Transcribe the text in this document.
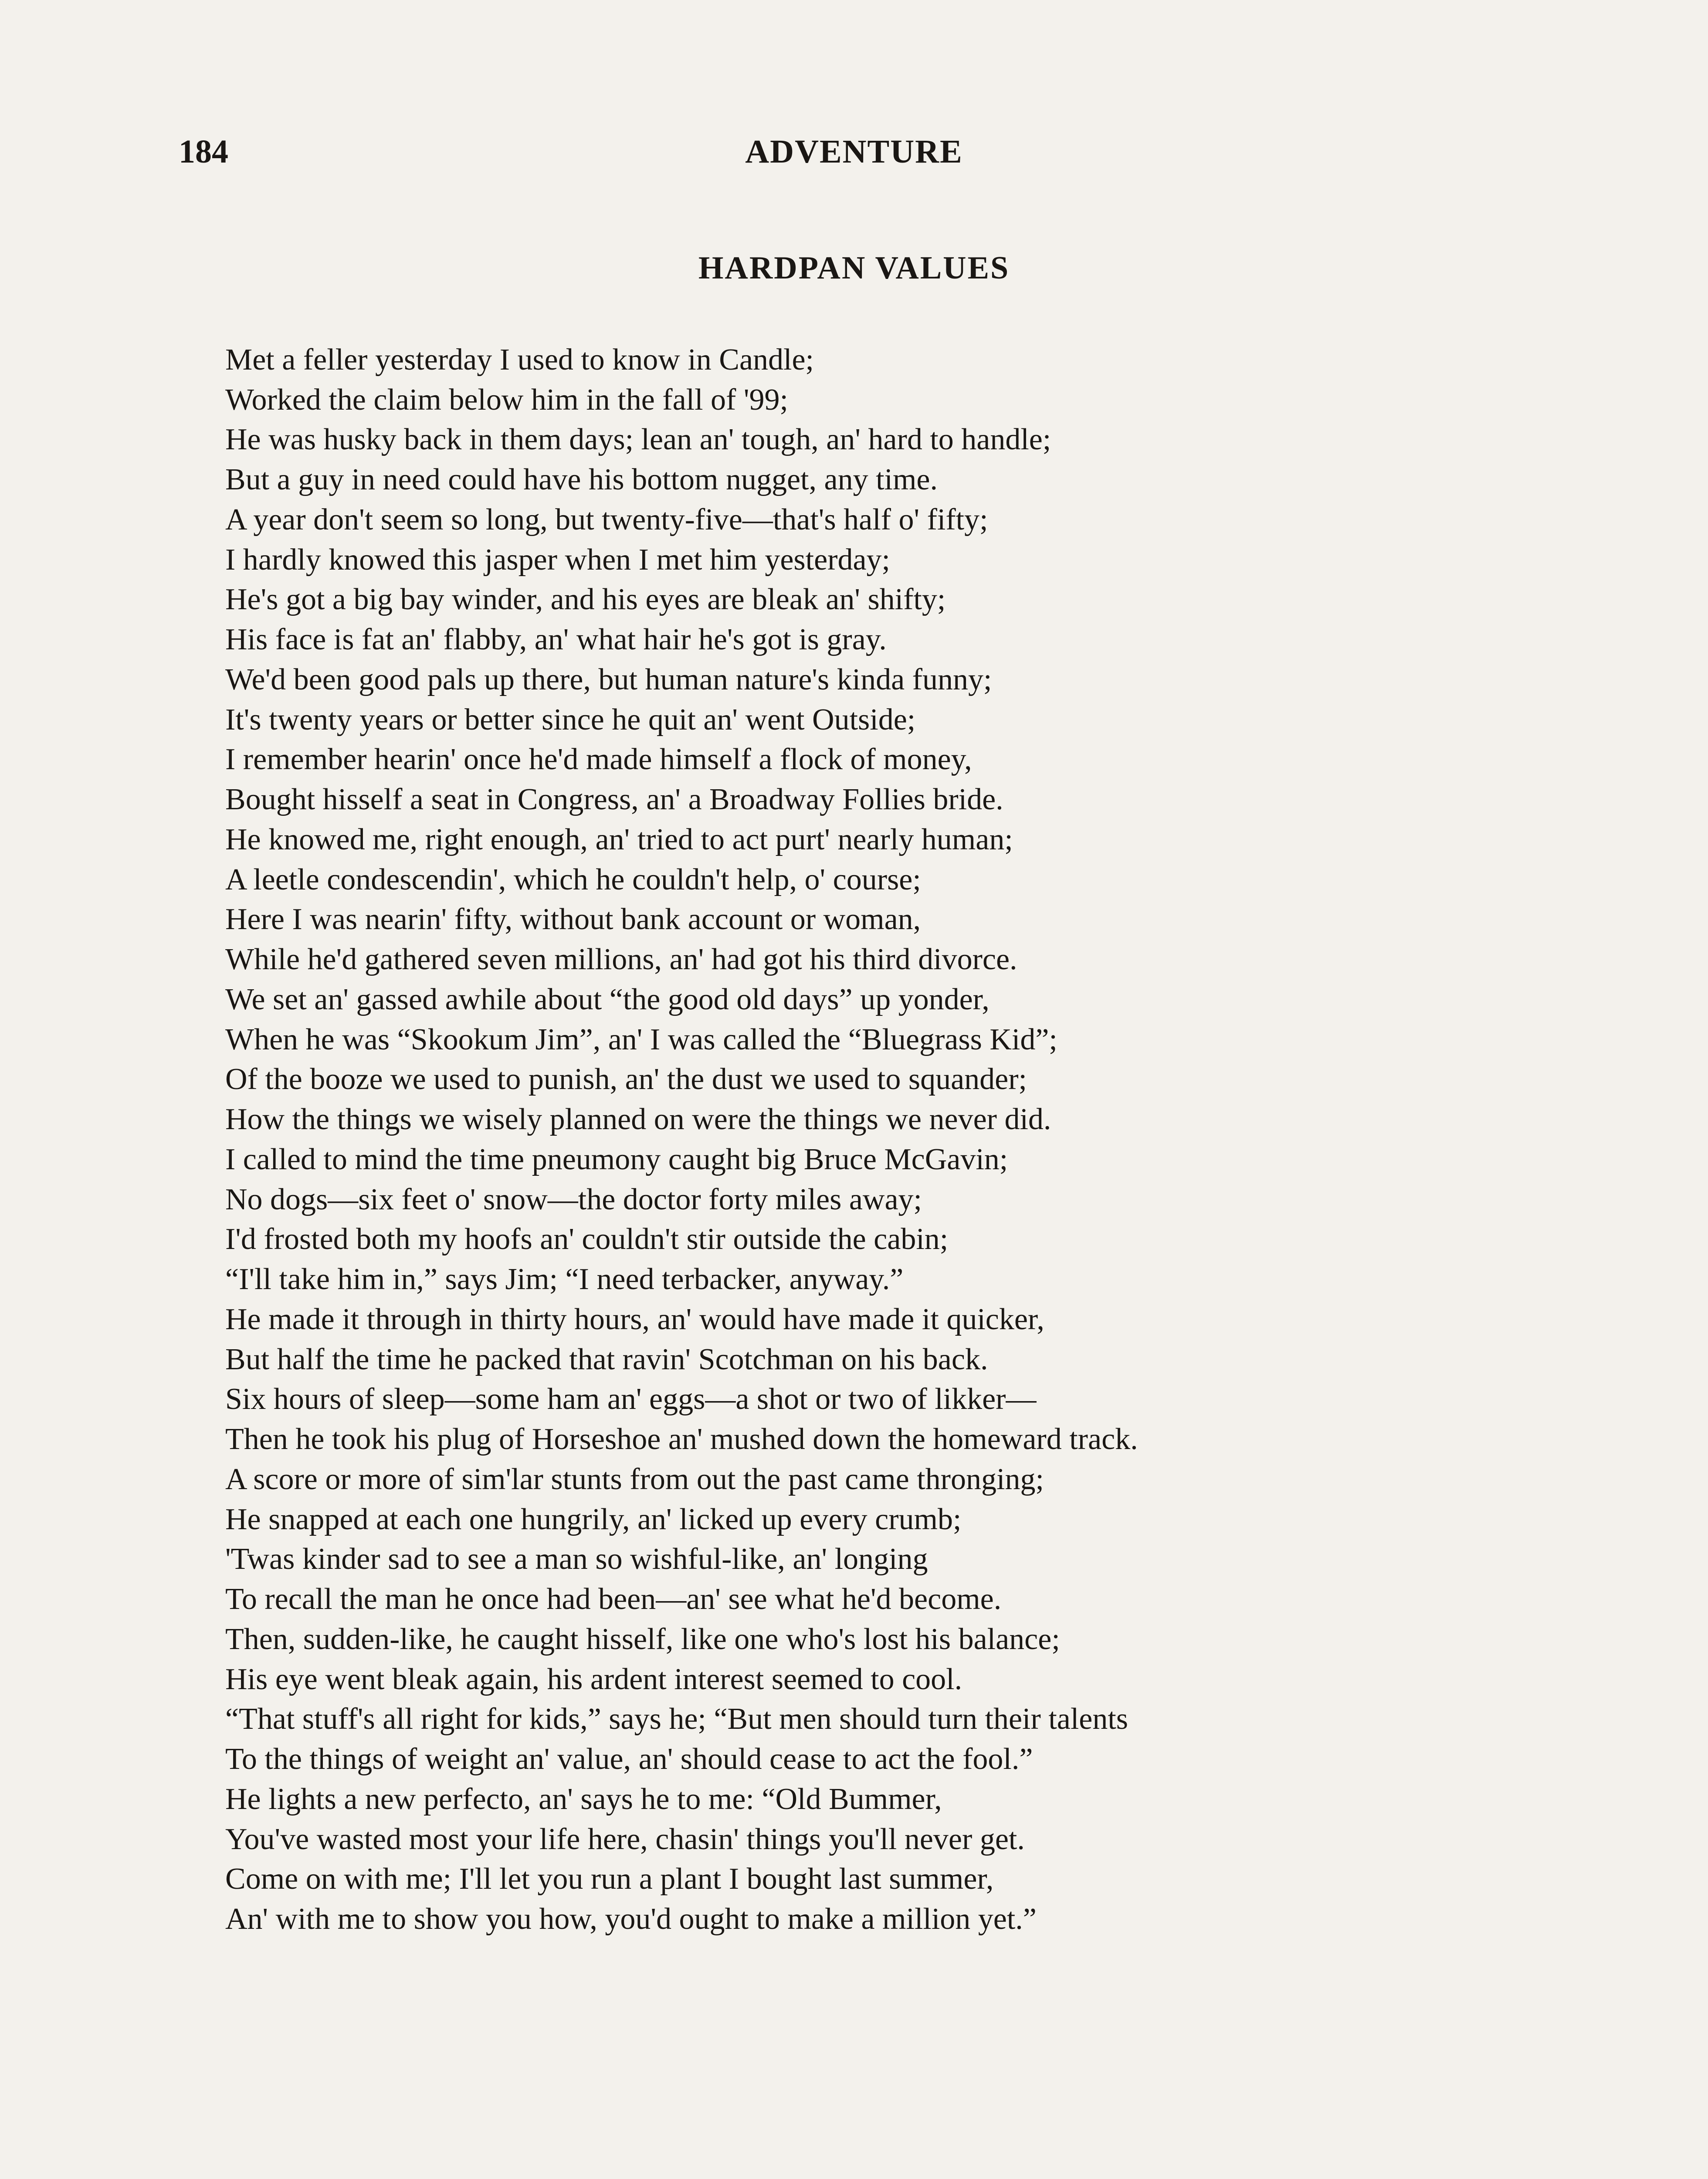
184	ADVENTURE
HARDPAN VALUES
Met a feller yesterday I used to know in Candle;
Worked the claim below him in the fall of '99;
He was husky back in them days; lean an' tough, an' hard to handle;
But a guy in need could have his bottom nugget, any time.
A year don't seem so long, but twenty-five—that's half o' fifty;
I hardly knowed this jasper when I met him yesterday;
He's got a big bay winder, and his eyes are bleak an' shifty;
His face is fat an' flabby, an' what hair he's got is gray.
We'd been good pals up there, but human nature's kinda funny;
It's twenty years or better since he quit an' went Outside;
I remember hearin' once he'd made himself a flock of money,
Bought hisself a seat in Congress, an' a Broadway Follies bride.
He knowed me, right enough, an' tried to act purt' nearly human;
A leetle condescendin', which he couldn't help, o' course;
Here I was nearin' fifty, without bank account or woman,
While he'd gathered seven millions, an' had got his third divorce.
We set an' gassed awhile about “the good old days” up yonder,
When he was “Skookum Jim”, an' I was called the “Bluegrass Kid”;
Of the booze we used to punish, an' the dust we used to squander;
How the things we wisely planned on were the things we never did.
I called to mind the time pneumony caught big Bruce McGavin;
No dogs—six feet o' snow—the doctor forty miles away;
I'd frosted both my hoofs an' couldn't stir outside the cabin;
“I'll take him in,” says Jim; “I need terbacker, anyway.”
He made it through in thirty hours, an' would have made it quicker,
But half the time he packed that ravin' Scotchman on his back.
Six hours of sleep—some ham an' eggs—a shot or two of likker—
Then he took his plug of Horseshoe an' mushed down the homeward track.
A score or more of sim'lar stunts from out the past came thronging;
He snapped at each one hungrily, an' licked up every crumb;
'Twas kinder sad to see a man so wishful-like, an' longing
To recall the man he once had been—an' see what he'd become.
Then, sudden-like, he caught hisself, like one who's lost his balance;
His eye went bleak again, his ardent interest seemed to cool.
“That stuff's all right for kids,” says he; “But men should turn their talents
To the things of weight an' value, an' should cease to act the fool.”
He lights a new perfecto, an' says he to me: “Old Bummer,
You've wasted most your life here, chasin' things you'll never get.
Come on with me; I'll let you run a plant I bought last summer,
An' with me to show you how, you'd ought to make a million yet.”
